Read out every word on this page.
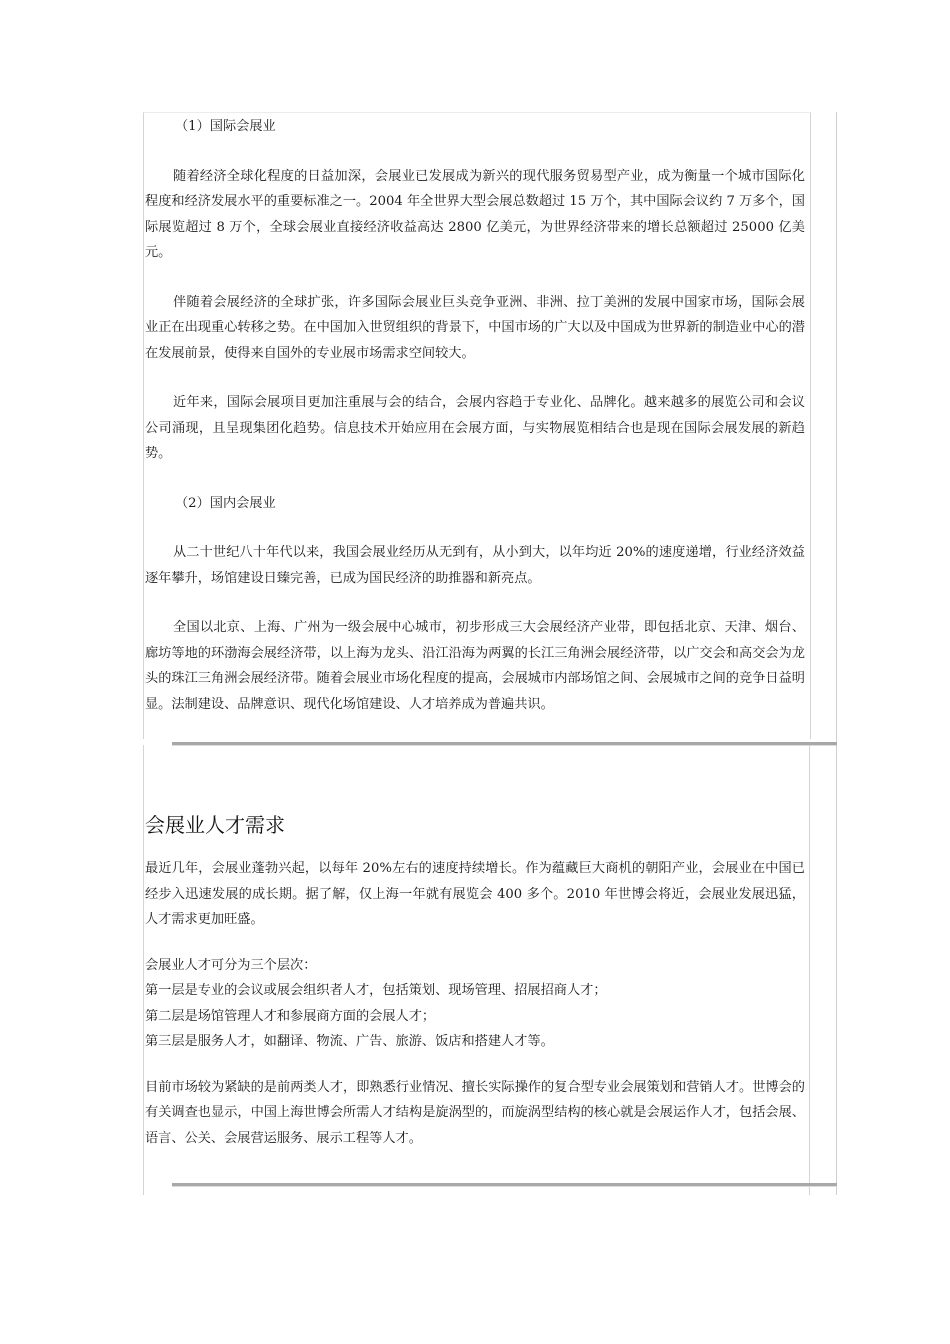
（1）国际会展业

随着经济全球化程度的日益加深，会展业已发展成为新兴的现代服务贸易型产业，成为衡量一个城市国际化程度和经济发展水平的重要标准之一。2004 年全世界大型会展总数超过 15 万个，其中国际会议约 7 万多个，国际展览超过 8 万个，全球会展业直接经济收益高达 2800 亿美元，为世界经济带来的增长总额超过 25000 亿美元。

伴随着会展经济的全球扩张，许多国际会展业巨头竞争亚洲、非洲、拉丁美洲的发展中国家市场，国际会展业正在出现重心转移之势。在中国加入世贸组织的背景下，中国市场的广大以及中国成为世界新的制造业中心的潜在发展前景，使得来自国外的专业展市场需求空间较大。

近年来，国际会展项目更加注重展与会的结合，会展内容趋于专业化、品牌化。越来越多的展览公司和会议公司涌现，且呈现集团化趋势。信息技术开始应用在会展方面，与实物展览相结合也是现在国际会展发展的新趋势。

（2）国内会展业

从二十世纪八十年代以来，我国会展业经历从无到有，从小到大，以年均近 20%的速度递增，行业经济效益逐年攀升，场馆建设日臻完善，已成为国民经济的助推器和新亮点。

全国以北京、上海、广州为一级会展中心城市，初步形成三大会展经济产业带，即包括北京、天津、烟台、廊坊等地的环渤海会展经济带，以上海为龙头、沿江沿海为两翼的长江三角洲会展经济带，以广交会和高交会为龙头的珠江三角洲会展经济带。随着会展业市场化程度的提高，会展城市内部场馆之间、会展城市之间的竞争日益明显。法制建设、品牌意识、现代化场馆建设、人才培养成为普遍共识。

会展业人才需求

最近几年，会展业蓬勃兴起，以每年 20%左右的速度持续增长。作为蕴藏巨大商机的朝阳产业，会展业在中国已经步入迅速发展的成长期。据了解，仅上海一年就有展览会 400 多个。2010 年世博会将近，会展业发展迅猛，人才需求更加旺盛。

会展业人才可分为三个层次：

第一层是专业的会议或展会组织者人才，包括策划、现场管理、招展招商人才；

第二层是场馆管理人才和参展商方面的会展人才；

第三层是服务人才，如翻译、物流、广告、旅游、饭店和搭建人才等。

目前市场较为紧缺的是前两类人才，即熟悉行业情况、擅长实际操作的复合型专业会展策划和营销人才。世博会的有关调查也显示，中国上海世博会所需人才结构是旋涡型的，而旋涡型结构的核心就是会展运作人才，包括会展、语言、公关、会展营运服务、展示工程等人才。
